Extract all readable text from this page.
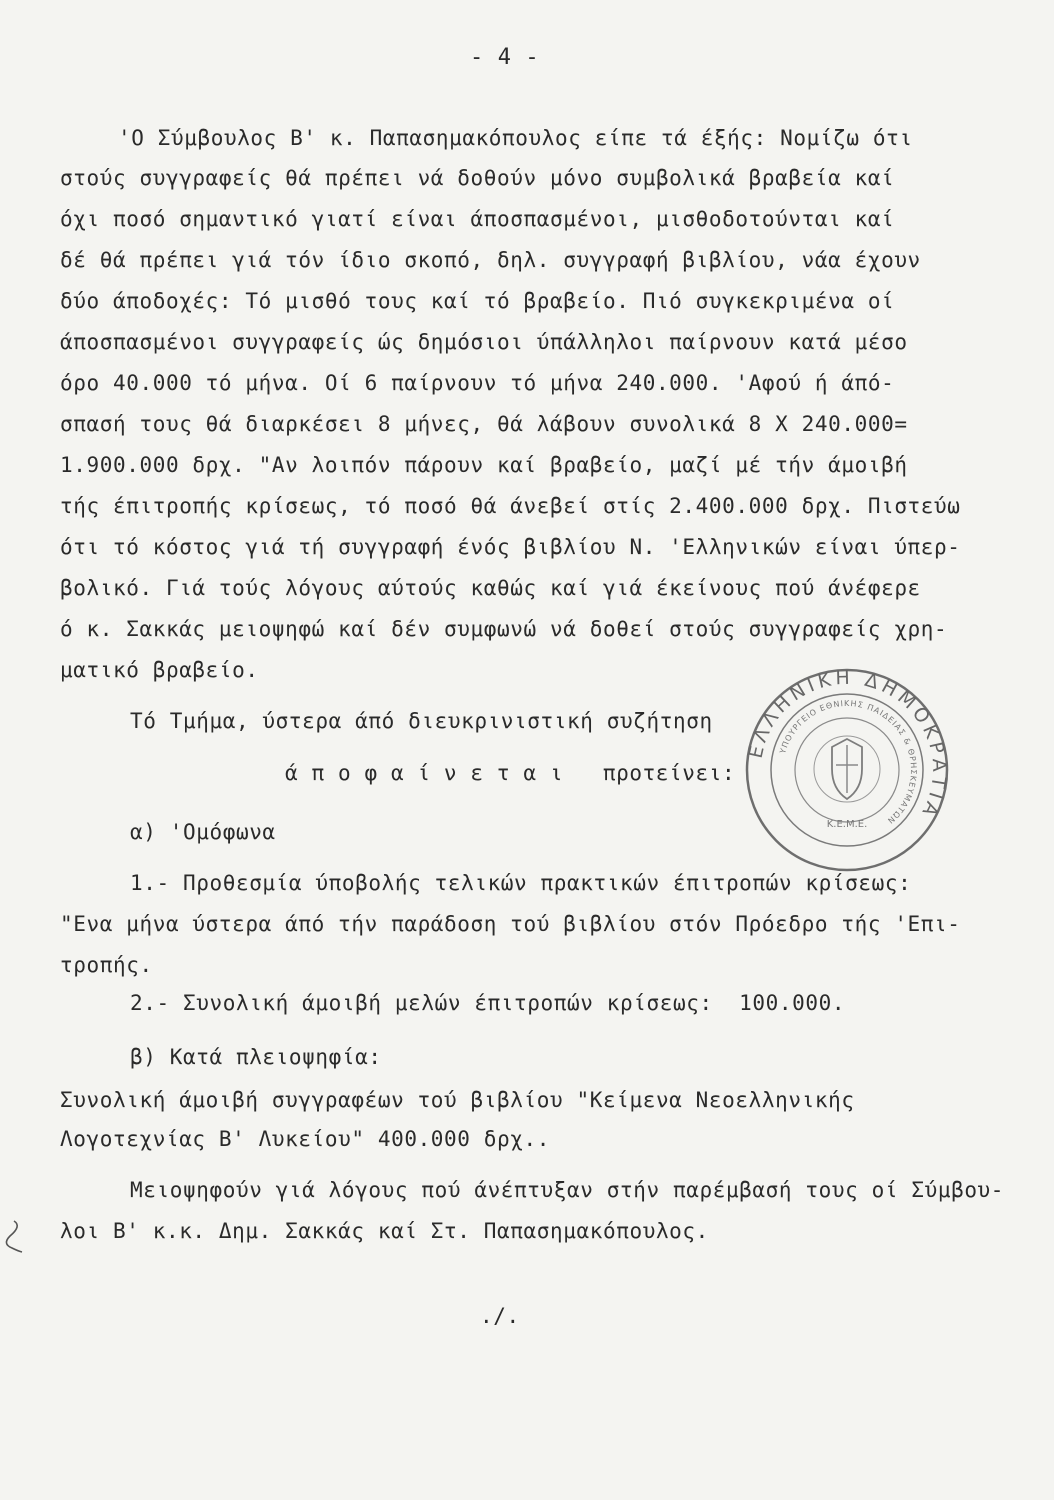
- 4 -
'Ο Σύμβουλος Β' κ. Παπασημακόπουλος είπε τά έξής: Νομίζω ότι
στούς συγγραφείς θά πρέπει νά δοθούν μόνο συμβολικά βραβεία καί
όχι ποσό σημαντικό γιατί είναι άποσπασμένοι, μισθοδοτούνται καί
δέ θά πρέπει γιά τόν ίδιο σκοπό, δηλ. συγγραφή βιβλίου, νάα έχουν
δύο άποδοχές: Τό μισθό τους καί τό βραβείο. Πιό συγκεκριμένα οί
άποσπασμένοι συγγραφείς ώς δημόσιοι ύπάλληλοι παίρνουν κατά μέσο
όρο 40.000 τό μήνα. Οί 6 παίρνουν τό μήνα 240.000. 'Αφού ή άπό-
σπασή τους θά διαρκέσει 8 μήνες, θά λάβουν συνολικά 8 Χ 240.000=
1.900.000 δρχ. "Αν λοιπόν πάρουν καί βραβείο, μαζί μέ τήν άμοιβή
τής έπιτροπής κρίσεως, τό ποσό θά άνεβεί στίς 2.400.000 δρχ. Πιστεύω
ότι τό κόστος γιά τή συγγραφή ένός βιβλίου Ν. 'Ελληνικών είναι ύπερ-
βολικό. Γιά τούς λόγους αύτούς καθώς καί γιά έκείνους πού άνέφερε
ό κ. Σακκάς μειοψηφώ καί δέν συμφωνώ νά δοθεί στούς συγγραφείς χρη-
ματικό βραβείο.
Τό Τμήμα, ύστερα άπό διευκρινιστική συζήτηση
ά π ο φ α ί ν ε τ α ι   προτείνει:
α) 'Ομόφωνα
1.- Προθεσμία ύποβολής τελικών πρακτικών έπιτροπών κρίσεως:
"Ενα μήνα ύστερα άπό τήν παράδοση τού βιβλίου στόν Πρόεδρο τής 'Επι-
τροπής.
2.- Συνολική άμοιβή μελών έπιτροπών κρίσεως:  100.000.
β) Κατά πλειοψηφία:
Συνολική άμοιβή συγγραφέων τού βιβλίου "Κείμενα Νεοελληνικής
Λογοτεχνίας Β' Λυκείου" 400.000 δρχ..
Μειοψηφούν γιά λόγους πού άνέπτυξαν στήν παρέμβασή τους οί Σύμβου-
λοι Β' κ.κ. Δημ. Σακκάς καί Στ. Παπασημακόπουλος.
./.
ΕΛΛΗΝΙΚΗ ΔΗΜΟΚΡΑΤΙΑ
ΥΠΟΥΡΓΕΙΟ ΕΘΝΙΚΗΣ ΠΑΙΔΕΙΑΣ & ΘΡΗΣΚΕΥΜΑΤΩΝ
Κ.Ε.Μ.Ε.
